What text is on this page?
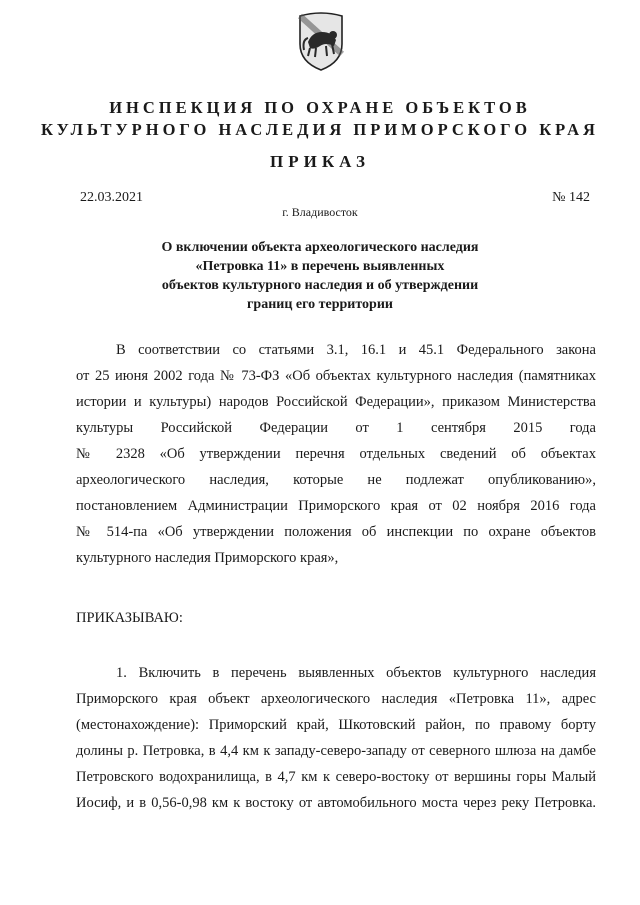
ИНСПЕКЦИЯ ПО ОХРАНЕ ОБЪЕКТОВ
КУЛЬТУРНОГО НАСЛЕДИЯ ПРИМОРСКОГО КРАЯ
ПРИКАЗ
22.03.2021	№ 142
г. Владивосток
О включении объекта археологического наследия
«Петровка 11» в перечень выявленных
объектов культурного наследия и об утверждении
границ его территории
В соответствии со статьями 3.1, 16.1 и 45.1 Федерального закона
от 25 июня 2002 года № 73-ФЗ «Об объектах культурного наследия (памятниках
истории и культуры) народов Российской Федерации», приказом Министерства
культуры Российской Федерации от 1 сентября 2015 года
№ 2328 «Об утверждении перечня отдельных сведений об объектах
археологического наследия, которые не подлежат опубликованию»,
постановлением Администрации Приморского края от 02 ноября 2016 года
№ 514-па «Об утверждении положения об инспекции по охране объектов
культурного наследия Приморского края»,
ПРИКАЗЫВАЮ:
1. Включить в перечень выявленных объектов культурного наследия
Приморского края объект археологического наследия «Петровка 11», адрес
(местонахождение): Приморский край, Шкотовский район, по правому борту
долины р. Петровка, в 4,4 км к западу-северо-западу от северного шлюза на дамбе
Петровского водохранилища, в 4,7 км к северо-востоку от вершины горы Малый
Иосиф, и в 0,56-0,98 км к востоку от автомобильного моста через реку Петровка.
